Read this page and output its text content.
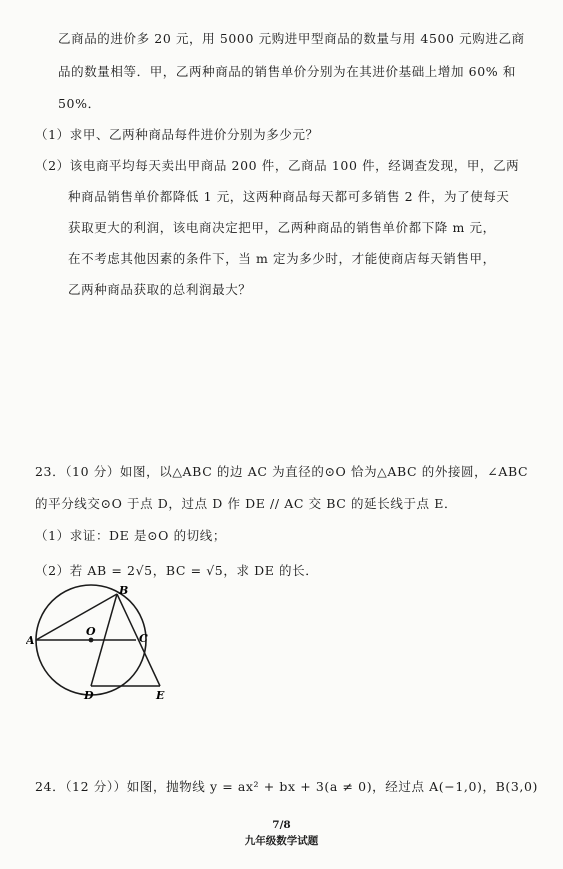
乙商品的进价多 20 元，用 5000 元购进甲型商品的数量与用 4500 元购进乙商
品的数量相等．甲，乙两种商品的销售单价分别为在其进价基础上增加 60% 和
50%．
（1）求甲、乙两种商品每件进价分别为多少元？
（2）该电商平均每天卖出甲商品 200 件，乙商品 100 件，经调查发现，甲，乙两
种商品销售单价都降低 1 元，这两种商品每天都可多销售 2 件，为了使每天
获取更大的利润，该电商决定把甲，乙两种商品的销售单价都下降 m 元，
在不考虑其他因素的条件下，当 m 定为多少时，才能使商店每天销售甲，
乙两种商品获取的总利润最大？
23．（10 分）如图，以△ABC 的边 AC 为直径的⊙O 恰为△ABC 的外接圆，∠ABC
的平分线交⊙O 于点 D，过点 D 作 DE // AC 交 BC 的延长线于点 E．
（1）求证：DE 是⊙O 的切线；
（2）若 AB = 2√5，BC = √5，求 DE 的长．
A
B
C
O
D	E
24．（12 分））如图，抛物线 y = ax² + bx + 3(a ≠ 0)，经过点 A(−1,0)，B(3,0)
7/8
九年级数学试题
